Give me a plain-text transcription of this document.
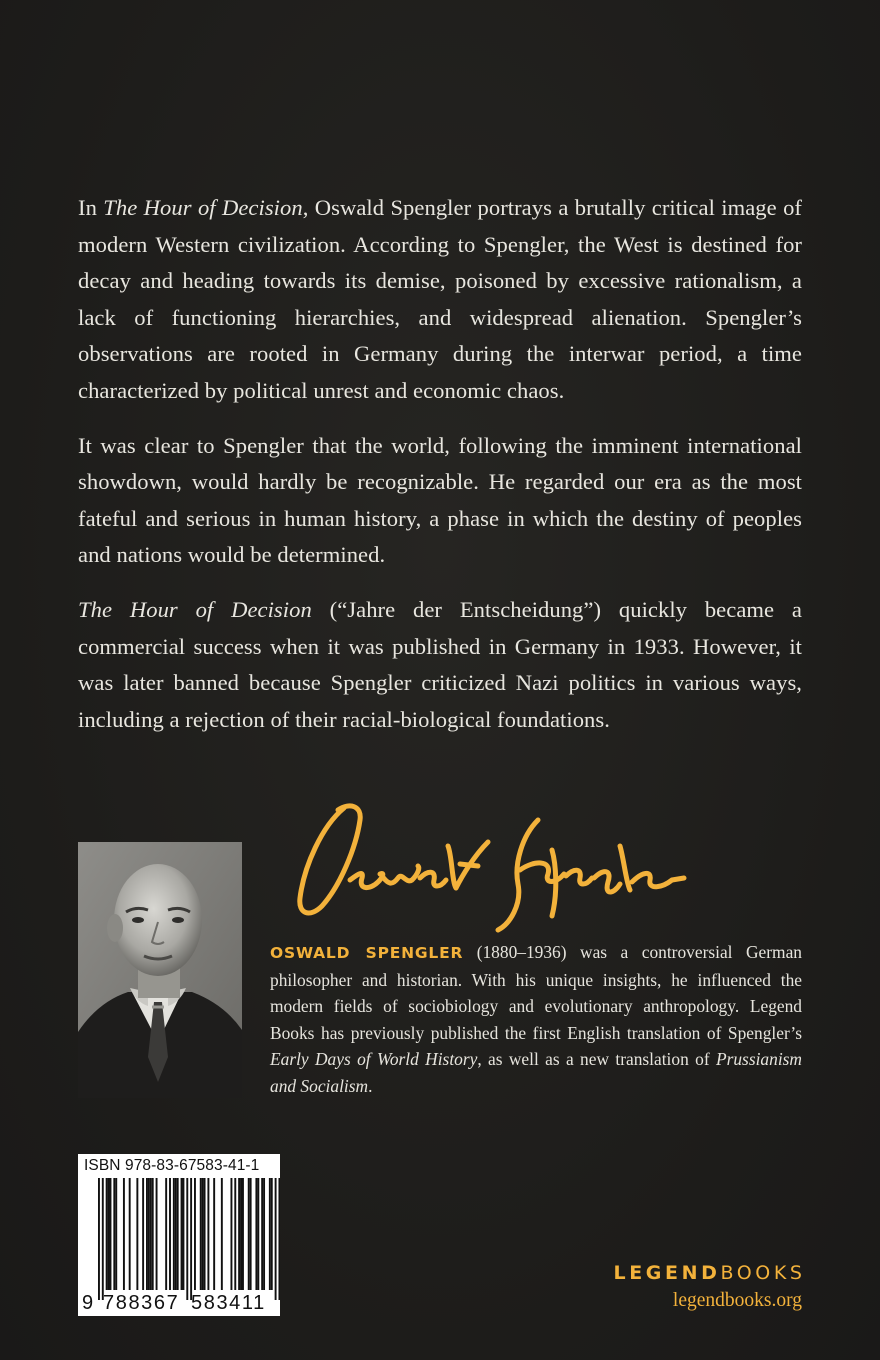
In The Hour of Decision, Oswald Spengler portrays a brutally critical image of modern Western civilization. According to Spengler, the West is destined for decay and heading towards its demise, poisoned by excessive rationalism, a lack of functioning hierarchies, and widespread alienation. Spengler’s observations are rooted in Germany during the interwar period, a time characterized by political unrest and economic chaos.

It was clear to Spengler that the world, following the imminent international showdown, would hardly be recognizable. He regarded our era as the most fateful and serious in human history, a phase in which the destiny of peoples and nations would be determined.

The Hour of Decision (“Jahre der Entscheidung”) quickly became a commercial success when it was published in Germany in 1933. However, it was later banned because Spengler criticized Nazi politics in various ways, including a rejection of their racial-biological foundations.

OSWALD SPENGLER (1880–1936) was a controversial German philosopher and historian. With his unique insights, he influenced the modern fields of sociobiology and evolutionary anthropology. Legend Books has previously published the first English translation of Spengler’s Early Days of World History, as well as a new translation of Prussianism and Socialism.

ISBN 978-83-67583-41-1
9 788367 583411
LEGENDBOOKS
legendbooks.org
